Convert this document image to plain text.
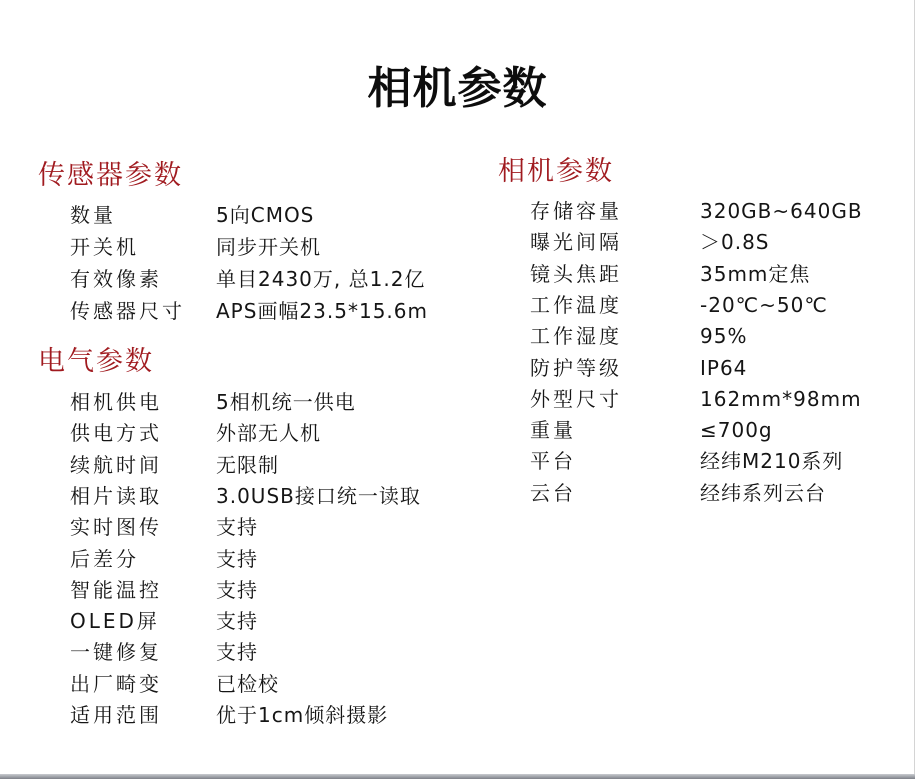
相机参数
传感器参数
数量	5向CMOS
开关机	同步开关机
有效像素	单目2430万, 总1.2亿
传感器尺寸 APS画幅23.5*15.6m
电气参数
相机供电	5相机统一供电
供电方式	外部无人机
续航时间	无限制
相片读取	3.0USB接口统一读取
实时图传	支持
后差分	支持
智能温控	支持
OLED屏	支持
一键修复	支持
出厂畸变	已检校
适用范围	优于1cm倾斜摄影
相机参数
存储容量	320GB~640GB
曝光间隔	＞0.8S
镜头焦距	35mm定焦
工作温度	-20℃~50℃
工作湿度	95%
防护等级	IP64
外型尺寸	162mm*98mm
重量	≤700g
平台	经纬M210系列
云台	经纬系列云台
